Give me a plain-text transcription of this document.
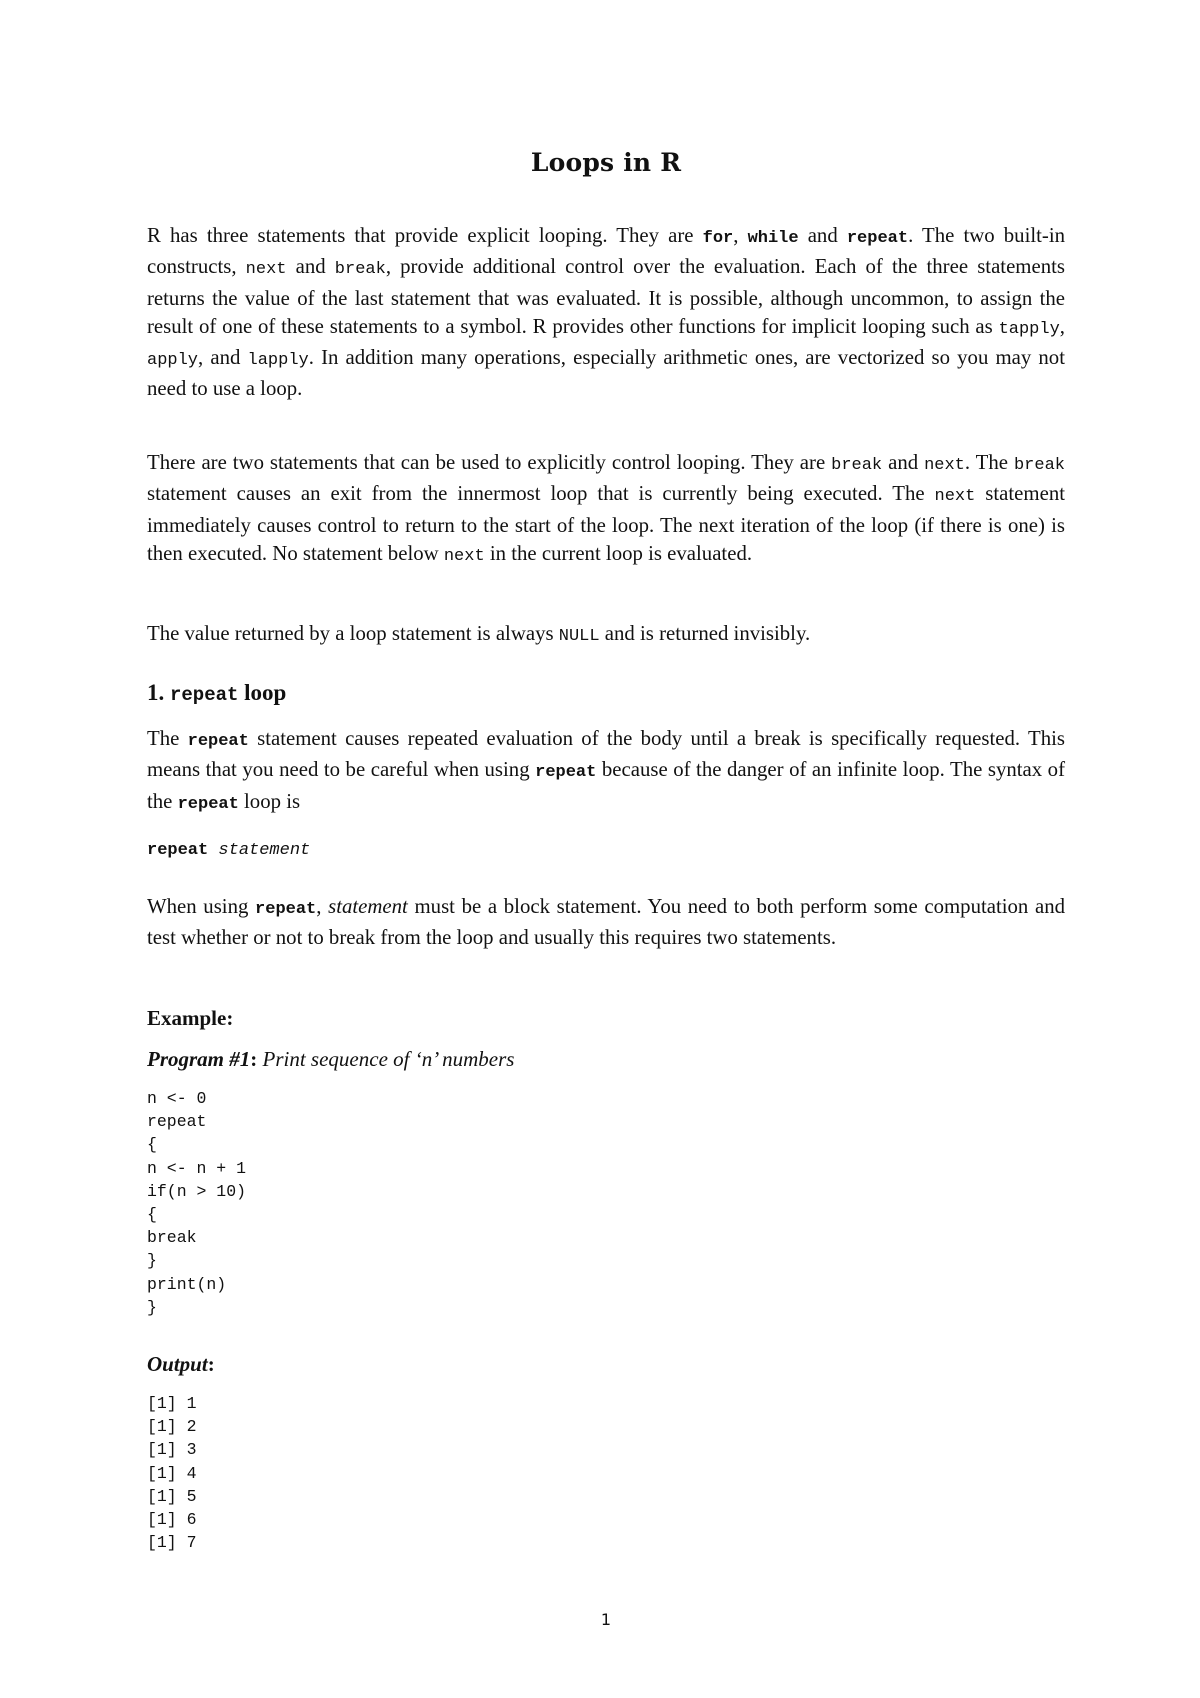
Loops in R

R has three statements that provide explicit looping. They are for, while and repeat. The two built-in constructs, next and break, provide additional control over the evaluation. Each of the three statements returns the value of the last statement that was evaluated. It is possible, although uncommon, to assign the result of one of these statements to a symbol. R provides other functions for implicit looping such as tapply, apply, and lapply. In addition many operations, especially arithmetic ones, are vectorized so you may not need to use a loop.

There are two statements that can be used to explicitly control looping. They are break and next. The break statement causes an exit from the innermost loop that is currently being executed. The next statement immediately causes control to return to the start of the loop. The next iteration of the loop (if there is one) is then executed. No statement below next in the current loop is evaluated.

The value returned by a loop statement is always NULL and is returned invisibly.

1. repeat loop

The repeat statement causes repeated evaluation of the body until a break is specifically requested. This means that you need to be careful when using repeat because of the danger of an infinite loop. The syntax of the repeat loop is

repeat statement

When using repeat, statement must be a block statement. You need to both perform some computation and test whether or not to break from the loop and usually this requires two statements.

Example:
Program #1: Print sequence of ‘n’ numbers
n <- 0
repeat
{
n <- n + 1
if(n > 10)
{
break
}
print(n)
}
Output:
[1] 1
[1] 2
[1] 3
[1] 4
[1] 5
[1] 6
[1] 7
1
